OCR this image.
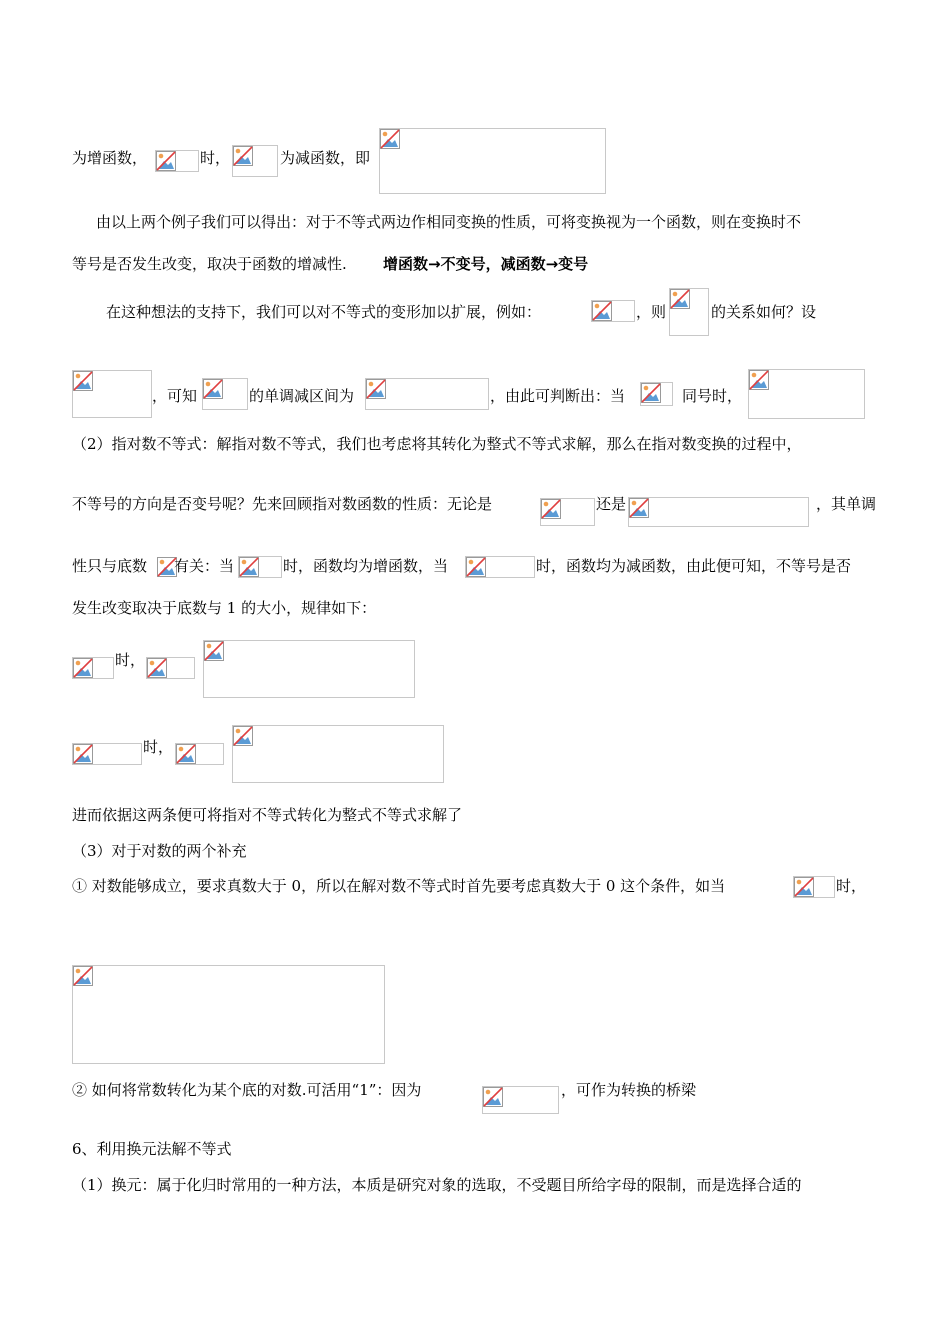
为增函数，	时，	为减函数，即
由以上两个例子我们可以得出：对于不等式两边作相同变换的性质，可将变换视为一个函数，则在变换时不
等号是否发生改变，取决于函数的增减性. 增函数→不变号，减函数→变号
在这种想法的支持下，我们可以对不等式的变形加以扩展，例如：	，则	的关系如何？设
，可知	的单调减区间为	，由此可判断出：当	同号时，
（2）指对数不等式：解指对数不等式，我们也考虑将其转化为整式不等式求解，那么在指对数变换的过程中，
不等号的方向是否变号呢？先来回顾指对数函数的性质：无论是	还是	，其单调
性只与底数 有关：当	时，函数均为增函数，当	时，函数均为减函数，由此便可知，不等号是否
发生改变取决于底数与 1 的大小，规律如下：
时，
时，
进而依据这两条便可将指对不等式转化为整式不等式求解了
（3）对于对数的两个补充
① 对数能够成立，要求真数大于 0，所以在解对数不等式时首先要考虑真数大于 0 这个条件，如当	时，
② 如何将常数转化为某个底的对数.可活用“1”：因为	，可作为转换的桥梁
6、利用换元法解不等式
（1）换元：属于化归时常用的一种方法，本质是研究对象的选取，不受题目所给字母的限制，而是选择合适的
